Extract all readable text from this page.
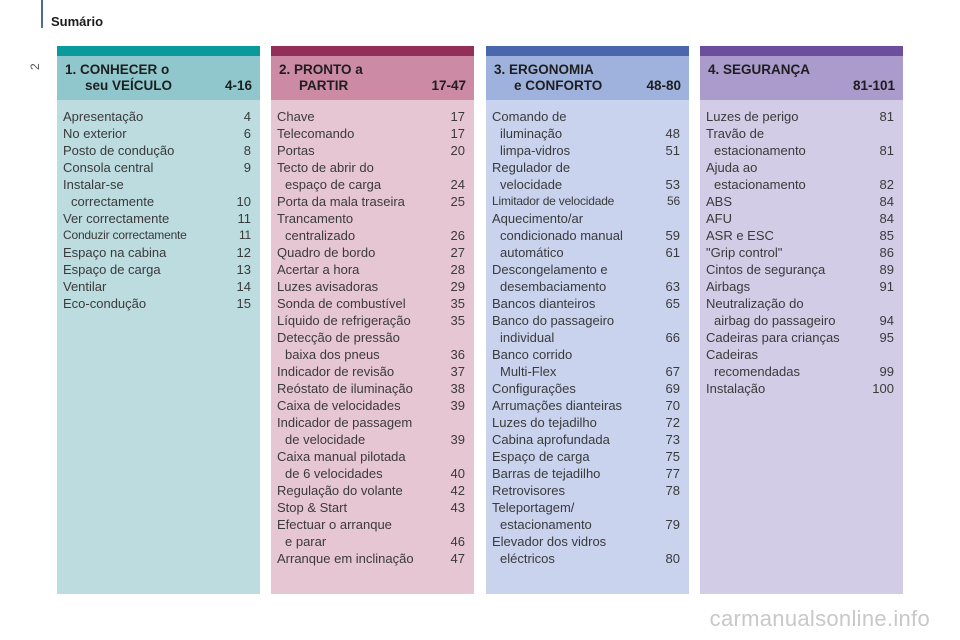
Sumário
2 1. CONHECER o
seu VEÍCULO	4-16
Apresentação	4
No exterior	6
Posto de condução	8
Consola central	9
Instalar-se
correctamente	10
Ver correctamente	11
Conduzir correctamente	11
Espaço na cabina	12
Espaço de carga	13
Ventilar	14
Eco-condução	15
2. PRONTO a
PARTIR	17-47
Chave	17
Telecomando	17
Portas	20
Tecto de abrir do
espaço de carga	24
Porta da mala traseira	25
Trancamento
centralizado	26
Quadro de bordo	27
Acertar a hora	28
Luzes avisadoras	29
Sonda de combustível	35
Líquido de refrigeração	35
Detecção de pressão
baixa dos pneus	36
Indicador de revisão	37
Reóstato de iluminação	38
Caixa de velocidades	39
Indicador de passagem
de velocidade	39
Caixa manual pilotada
de 6 velocidades	40
Regulação do volante	42
Stop & Start	43
Efectuar o arranque
e parar	46
Arranque em inclinação	47
3. ERGONOMIA
e CONFORTO	48-80
Comando de
iluminação	48
limpa-vidros	51
Regulador de
velocidade	53
Limitador de velocidade	56
Aquecimento/ar
condicionado manual	59
automático	61
Descongelamento e
desembaciamento	63
Bancos dianteiros	65
Banco do passageiro
individual	66
Banco corrido
Multi-Flex	67
Configurações	69
Arrumações dianteiras	70
Luzes do tejadilho	72
Cabina aprofundada	73
Espaço de carga	75
Barras de tejadilho	77
Retrovisores	78
Teleportagem/
estacionamento	79
Elevador dos vidros
eléctricos	80
4. SEGURANÇA
81-101
Luzes de perigo	81
Travão de
estacionamento	81
Ajuda ao
estacionamento	82
ABS	84
AFU	84
ASR e ESC	85
"Grip control"	86
Cintos de segurança	89
Airbags	91
Neutralização do
airbag do passageiro	94
Cadeiras para crianças	95
Cadeiras
recomendadas	99
Instalação	100
carmanualsonline.info
